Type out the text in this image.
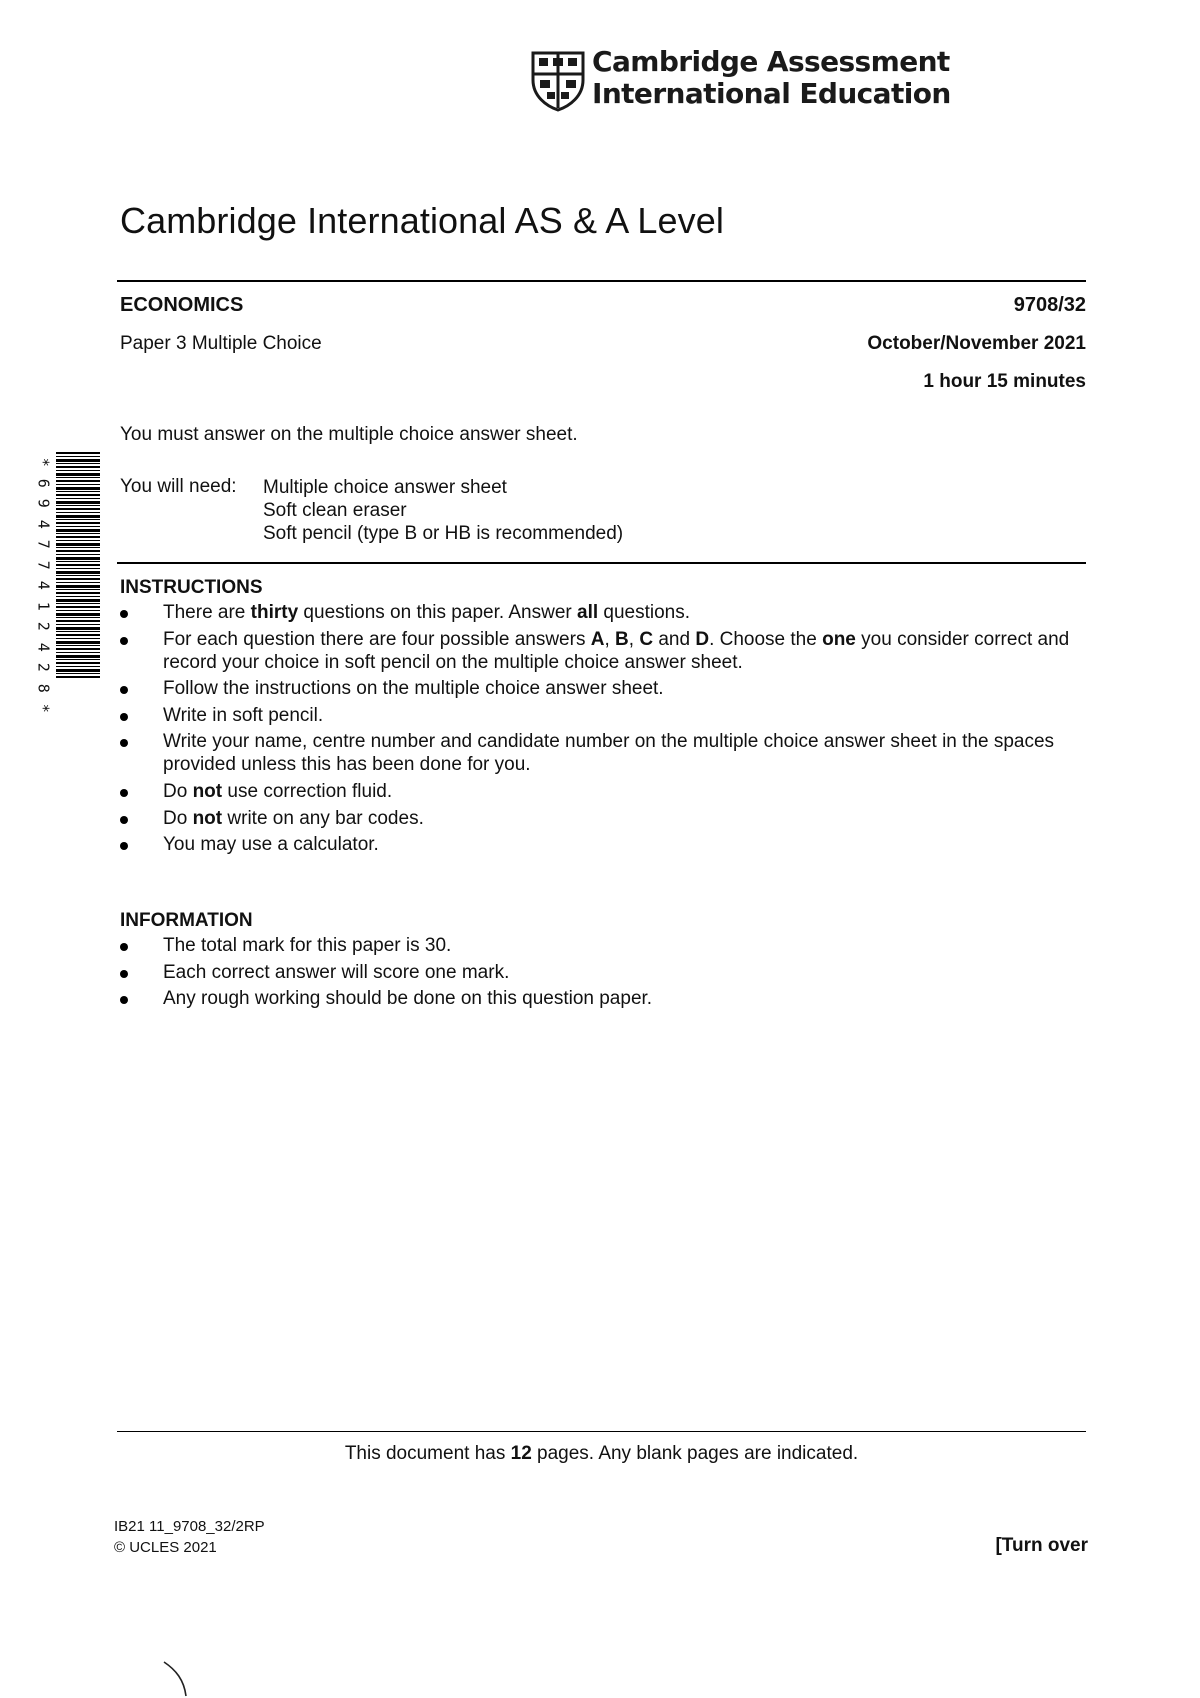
Cambridge Assessment
International Education
Cambridge International AS & A Level
ECONOMICS	9708/32
Paper 3 Multiple Choice	October/November 2021
1 hour 15 minutes
You must answer on the multiple choice answer sheet.
You will need: Multiple choice answer sheet
Soft clean eraser
Soft pencil (type B or HB is recommended)
INSTRUCTIONS
There are thirty questions on this paper. Answer all questions.
For each question there are four possible answers A, B, C and D. Choose the one you consider correct and record your choice in soft pencil on the multiple choice answer sheet.
Follow the instructions on the multiple choice answer sheet.
Write in soft pencil.
Write your name, centre number and candidate number on the multiple choice answer sheet in the spaces provided unless this has been done for you.
Do not use correction fluid.
Do not write on any bar codes.
You may use a calculator.
INFORMATION
The total mark for this paper is 30.
Each correct answer will score one mark.
Any rough working should be done on this question paper.
This document has 12 pages. Any blank pages are indicated.
IB21 11_9708_32/2RP
© UCLES 2021	[Turn over
*
6
9
4
7
7
4
1
2
4
2
8
*
